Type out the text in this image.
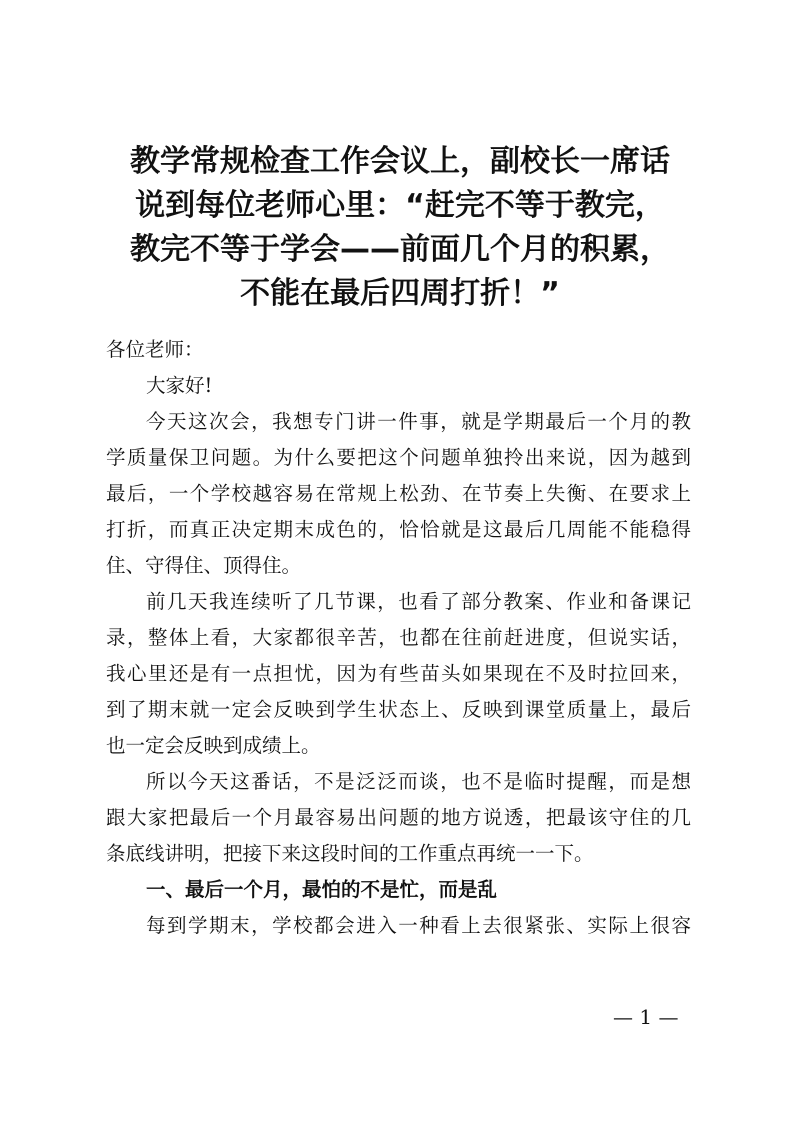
教学常规检查工作会议上，副校长一席话
说到每位老师心里：“赶完不等于教完，
教完不等于学会——前面几个月的积累，
不能在最后四周打折！”
各位老师：
大家好!
今天这次会，我想专门讲一件事，就是学期最后一个月的教
学质量保卫问题。为什么要把这个问题单独拎出来说，因为越到
最后，一个学校越容易在常规上松劲、在节奏上失衡、在要求上
打折，而真正决定期末成色的，恰恰就是这最后几周能不能稳得
住、守得住、顶得住。
前几天我连续听了几节课，也看了部分教案、作业和备课记
录，整体上看，大家都很辛苦，也都在往前赶进度，但说实话，
我心里还是有一点担忧，因为有些苗头如果现在不及时拉回来，
到了期末就一定会反映到学生状态上、反映到课堂质量上，最后
也一定会反映到成绩上。
所以今天这番话，不是泛泛而谈，也不是临时提醒，而是想
跟大家把最后一个月最容易出问题的地方说透，把最该守住的几
条底线讲明，把接下来这段时间的工作重点再统一一下。
一、最后一个月，最怕的不是忙，而是乱
每到学期末，学校都会进入一种看上去很紧张、实际上很容
— 1 —
